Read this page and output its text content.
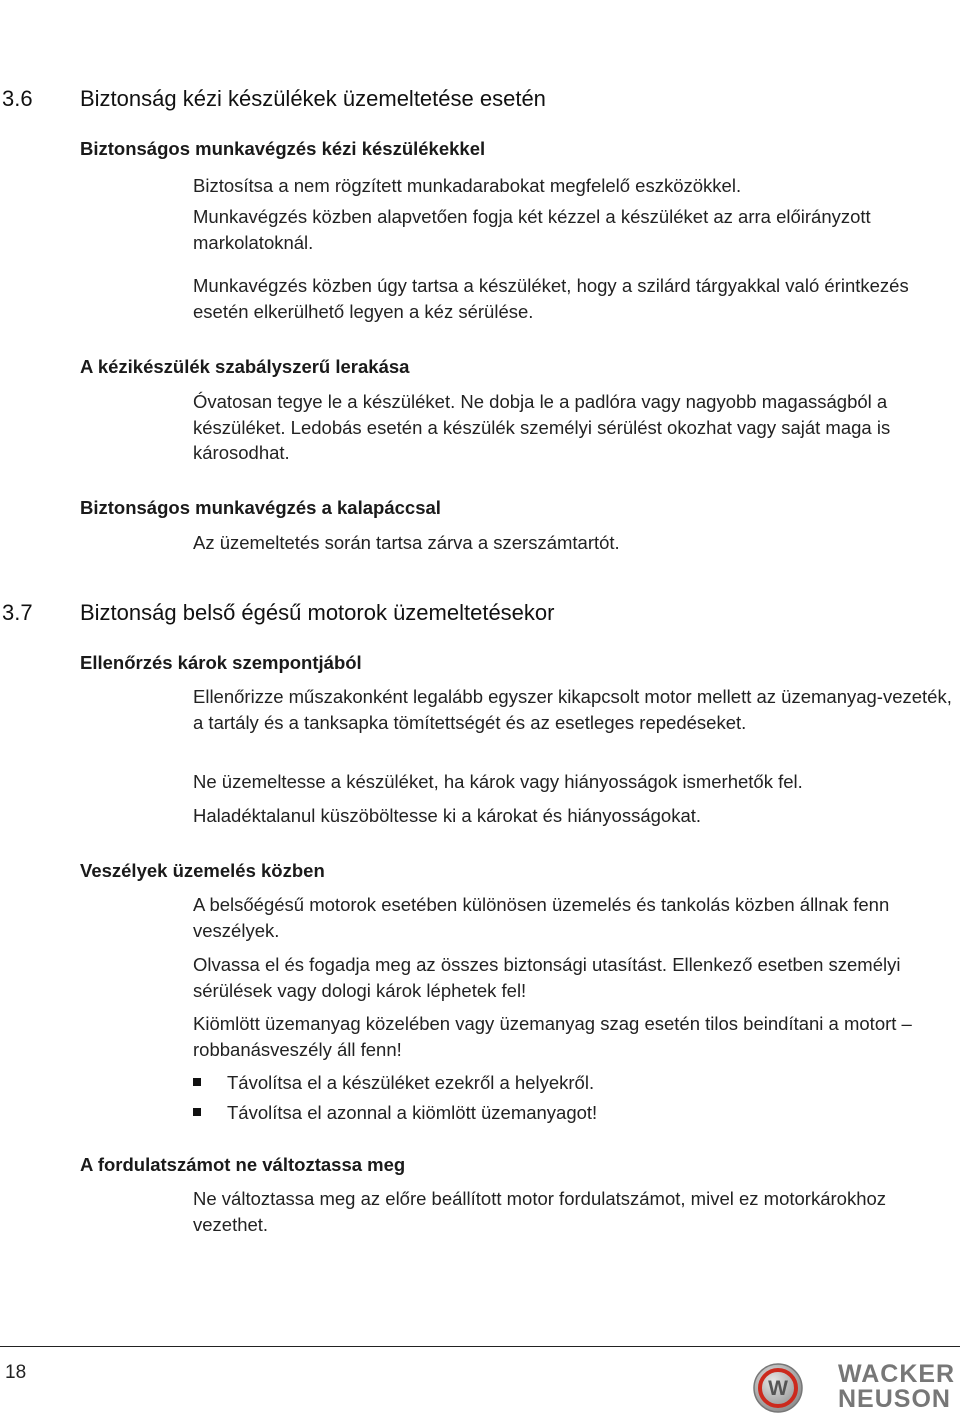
3.6 Biztonság kézi készülékek üzemeltetése esetén
Biztonságos munkavégzés kézi készülékekkel
Biztosítsa a nem rögzített munkadarabokat megfelelő eszközökkel.
Munkavégzés közben alapvetően fogja két kézzel a készüléket az arra előirányzott markolatoknál.
Munkavégzés közben úgy tartsa a készüléket, hogy a szilárd tárgyakkal való érintkezés esetén elkerülhető legyen a kéz sérülése.
A kézikészülék szabályszerű lerakása
Óvatosan tegye le a készüléket. Ne dobja le a padlóra vagy nagyobb magasságból a készüléket. Ledobás esetén a készülék személyi sérülést okozhat vagy saját maga is károsodhat.
Biztonságos munkavégzés a kalapáccsal
Az üzemeltetés során tartsa zárva a szerszámtartót.
3.7 Biztonság belső égésű motorok üzemeltetésekor
Ellenőrzés károk szempontjából
Ellenőrizze műszakonként legalább egyszer kikapcsolt motor mellett az üzemanyag-vezeték, a tartály és a tanksapka tömítettségét és az esetleges repedéseket.
Ne üzemeltesse a készüléket, ha károk vagy hiányosságok ismerhetők fel.
Haladéktalanul küszöböltesse ki a károkat és hiányosságokat.
Veszélyek üzemelés közben
A belsőégésű motorok esetében különösen üzemelés és tankolás közben állnak fenn veszélyek.
Olvassa el és fogadja meg az összes biztonsági utasítást. Ellenkező esetben személyi sérülések vagy dologi károk léphetek fel!
Kiömlött üzemanyag közelében vagy üzemanyag szag esetén tilos beindítani a motort – robbanásveszély áll fenn!
Távolítsa el a készüléket ezekről a helyekről.
Távolítsa el azonnal a kiömlött üzemanyagot!
A fordulatszámot ne változtassa meg
Ne változtassa meg az előre beállított motor fordulatszámot, mivel ez motorkárokhoz vezethet.
18
W
WACKER
NEUSON
